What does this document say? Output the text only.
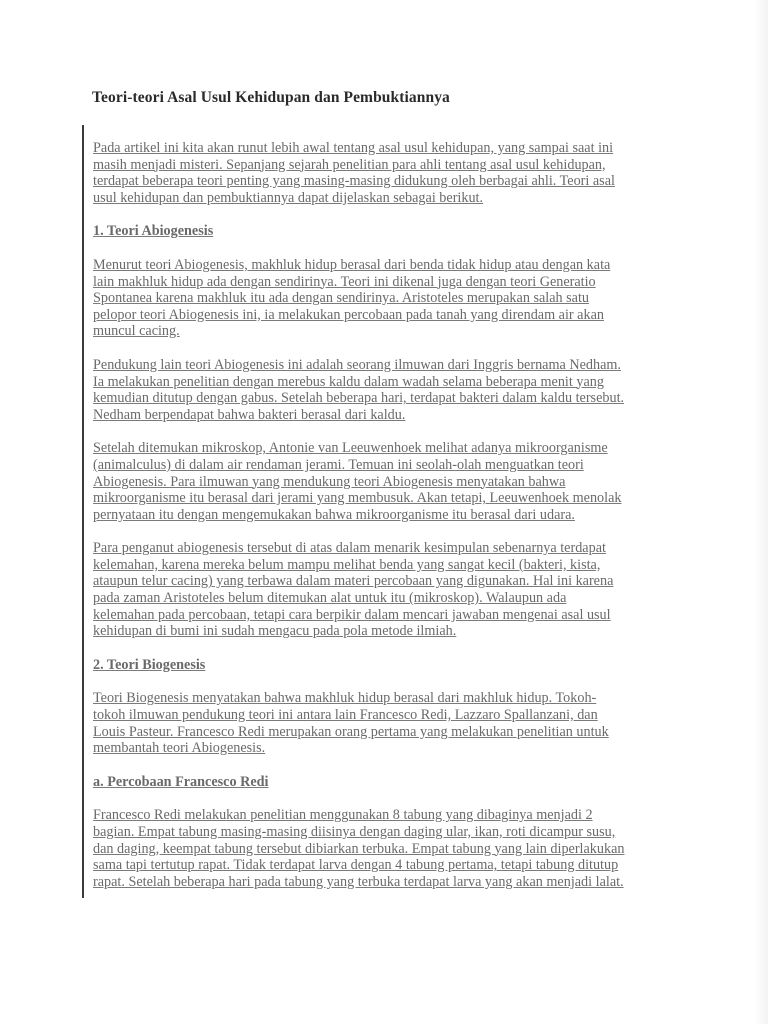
Teori-teori Asal Usul Kehidupan dan Pembuktiannya

Pada artikel ini kita akan runut lebih awal tentang asal usul kehidupan, yang sampai saat ini
masih menjadi misteri. Sepanjang sejarah penelitian para ahli tentang asal usul kehidupan,
terdapat beberapa teori penting yang masing-masing didukung oleh berbagai ahli. Teori asal
usul kehidupan dan pembuktiannya dapat dijelaskan sebagai berikut.

1. Teori Abiogenesis

Menurut teori Abiogenesis, makhluk hidup berasal dari benda tidak hidup atau dengan kata
lain makhluk hidup ada dengan sendirinya. Teori ini dikenal juga dengan teori Generatio
Spontanea karena makhluk itu ada dengan sendirinya. Aristoteles merupakan salah satu
pelopor teori Abiogenesis ini, ia melakukan percobaan pada tanah yang direndam air akan
muncul cacing.

Pendukung lain teori Abiogenesis ini adalah seorang ilmuwan dari Inggris bernama Nedham.
Ia melakukan penelitian dengan merebus kaldu dalam wadah selama beberapa menit yang
kemudian ditutup dengan gabus. Setelah beberapa hari, terdapat bakteri dalam kaldu tersebut.
Nedham berpendapat bahwa bakteri berasal dari kaldu.

Setelah ditemukan mikroskop, Antonie van Leeuwenhoek melihat adanya mikroorganisme
(animalculus) di dalam air rendaman jerami. Temuan ini seolah-olah menguatkan teori
Abiogenesis. Para ilmuwan yang mendukung teori Abiogenesis menyatakan bahwa
mikroorganisme itu berasal dari jerami yang membusuk. Akan tetapi, Leeuwenhoek menolak
pernyataan itu dengan mengemukakan bahwa mikroorganisme itu berasal dari udara.

Para penganut abiogenesis tersebut di atas dalam menarik kesimpulan sebenarnya terdapat
kelemahan, karena mereka belum mampu melihat benda yang sangat kecil (bakteri, kista,
ataupun telur cacing) yang terbawa dalam materi percobaan yang digunakan. Hal ini karena
pada zaman Aristoteles belum ditemukan alat untuk itu (mikroskop). Walaupun ada
kelemahan pada percobaan, tetapi cara berpikir dalam mencari jawaban mengenai asal usul
kehidupan di bumi ini sudah mengacu pada pola metode ilmiah.

2. Teori Biogenesis

Teori Biogenesis menyatakan bahwa makhluk hidup berasal dari makhluk hidup. Tokoh-
tokoh ilmuwan pendukung teori ini antara lain Francesco Redi, Lazzaro Spallanzani, dan
Louis Pasteur. Francesco Redi merupakan orang pertama yang melakukan penelitian untuk
membantah teori Abiogenesis.

a. Percobaan Francesco Redi

Francesco Redi melakukan penelitian menggunakan 8 tabung yang dibaginya menjadi 2
bagian. Empat tabung masing-masing diisinya dengan daging ular, ikan, roti dicampur susu,
dan daging, keempat tabung tersebut dibiarkan terbuka. Empat tabung yang lain diperlakukan
sama tapi tertutup rapat. Tidak terdapat larva dengan 4 tabung pertama, tetapi tabung ditutup
rapat. Setelah beberapa hari pada tabung yang terbuka terdapat larva yang akan menjadi lalat.
